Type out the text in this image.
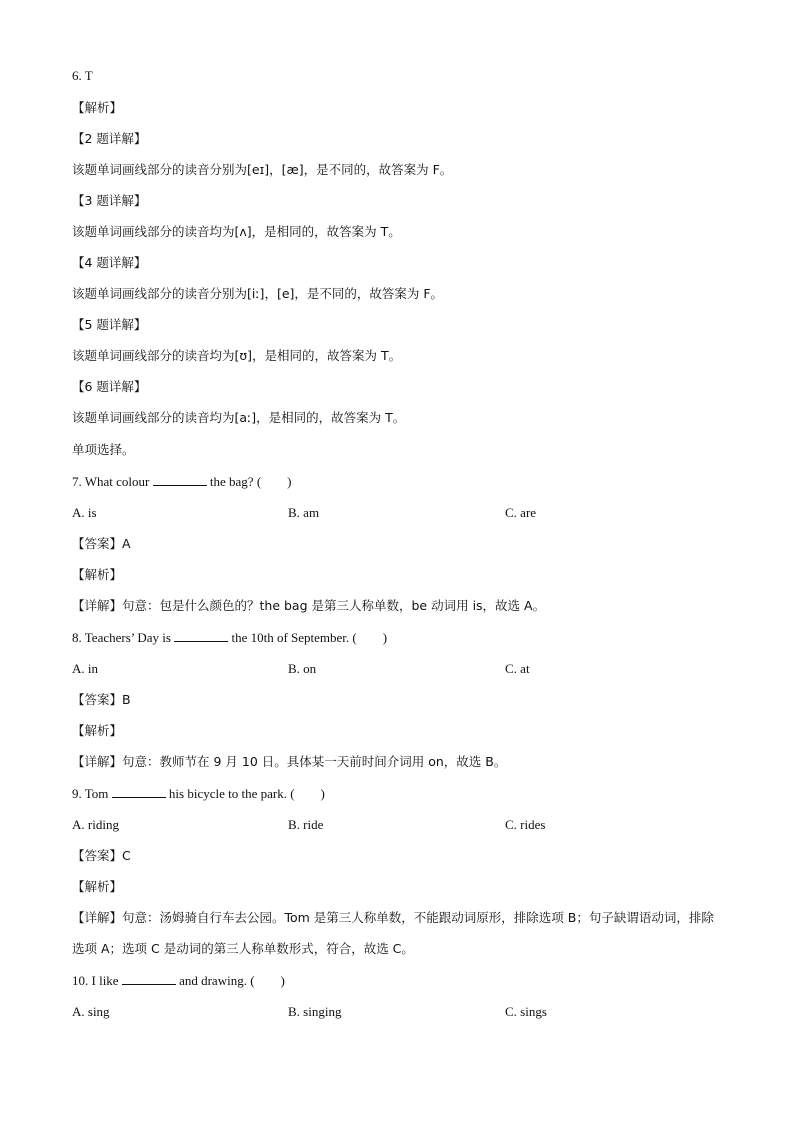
6. T
【解析】
【2 题详解】
该题单词画线部分的读音分别为[eɪ]，[æ]，是不同的，故答案为 F。
【3 题详解】
该题单词画线部分的读音均为[ʌ]，是相同的，故答案为 T。
【4 题详解】
该题单词画线部分的读音分别为[iː]，[e]，是不同的，故答案为 F。
【5 题详解】
该题单词画线部分的读音均为[ʊ]，是相同的，故答案为 T。
【6 题详解】
该题单词画线部分的读音均为[aː]，是相同的，故答案为 T。
单项选择。
7. What colour	the bag? (　　)
A. is	B. am	C. are
【答案】A
【解析】
【详解】句意：包是什么颜色的？the bag 是第三人称单数，be 动词用 is，故选 A。
8. Teachers’ Day is	the 10th of September. (　　)
A. in	B. on	C. at
【答案】B
【解析】
【详解】句意：教师节在 9 月 10 日。具体某一天前时间介词用 on，故选 B。
9. Tom	his bicycle to the park. (　　)
A. riding	B. ride	C. rides
【答案】C
【解析】
【详解】句意：汤姆骑自行车去公园。Tom 是第三人称单数，不能跟动词原形，排除选项 B；句子缺谓语动词，排除选项 A；选项 C 是动词的第三人称单数形式，符合，故选 C。
10. I like	and drawing. (　　)
A. sing	B. singing	C. sings
